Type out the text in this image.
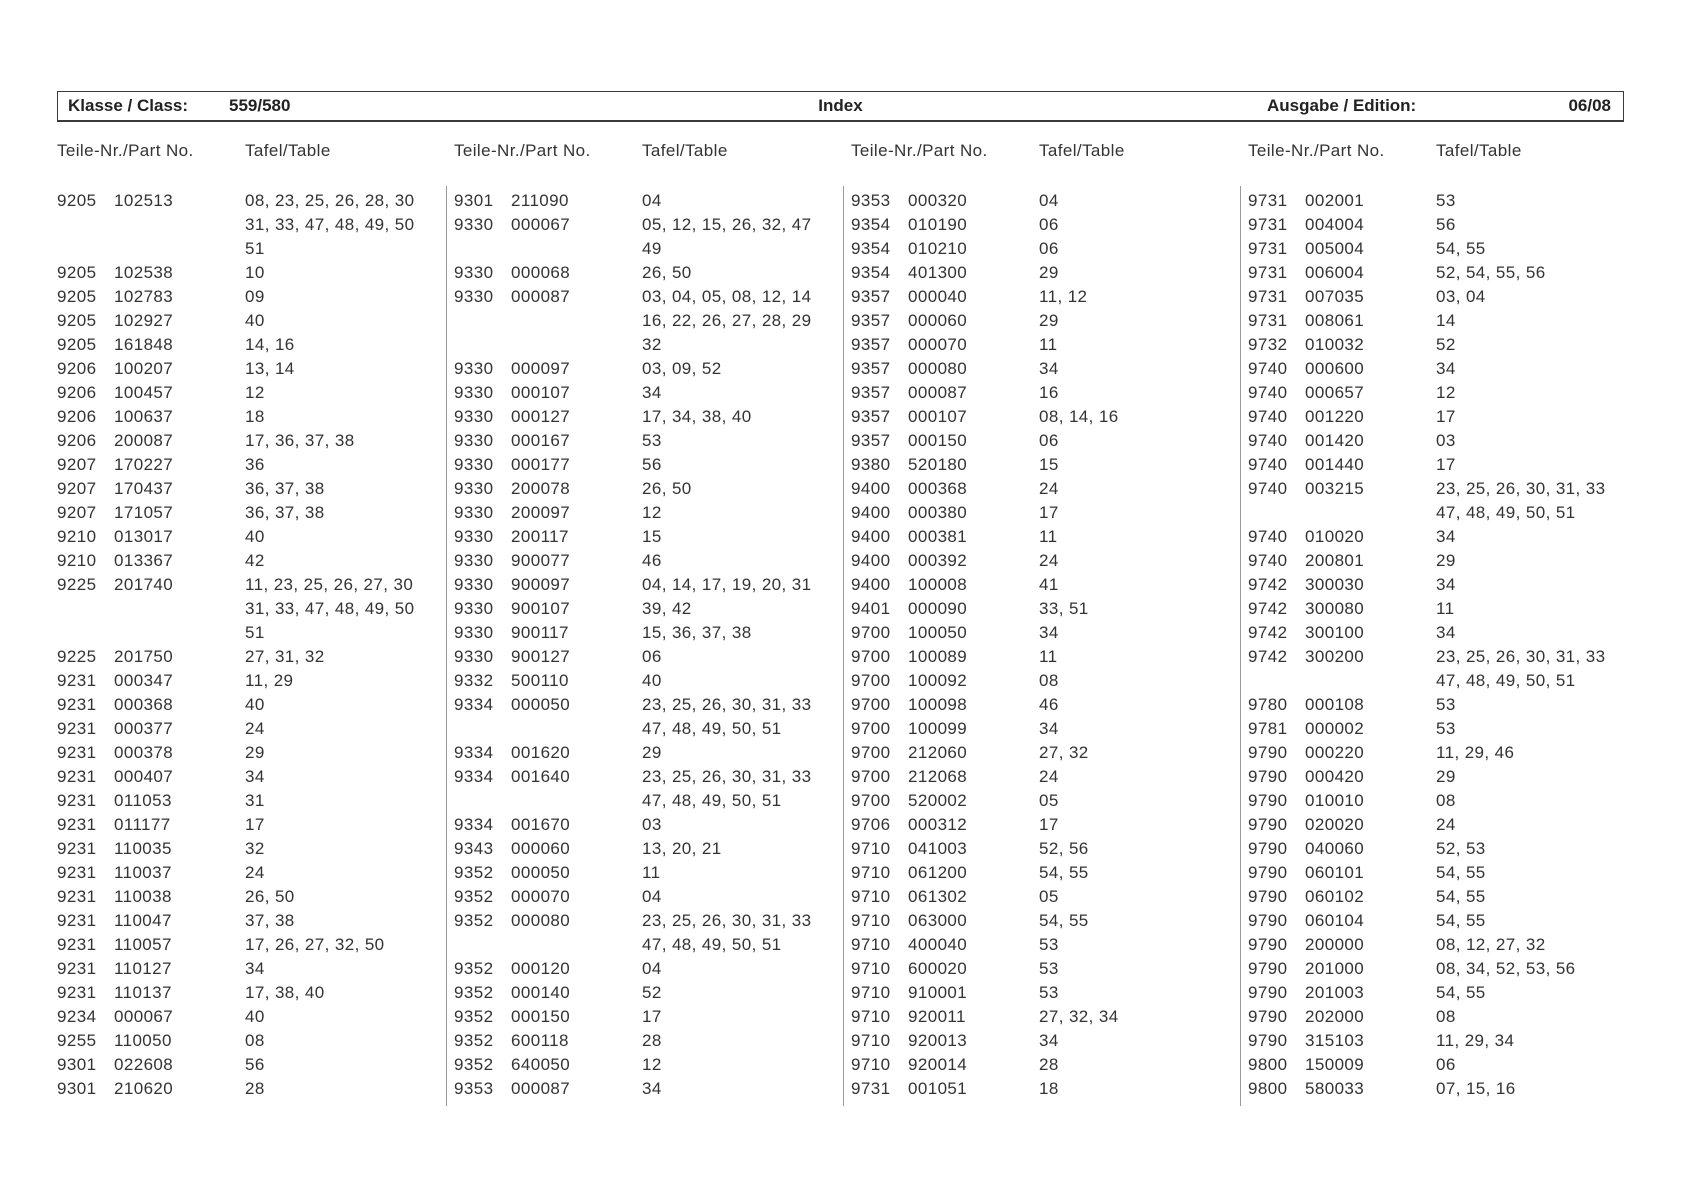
Klasse / Class: 559/580	Index	Ausgabe / Edition:	06/08
Teile-Nr./Part No.	Tafel/Table	Teile-Nr./Part No.	Tafel/Table	Teile-Nr./Part No.	Tafel/Table	Teile-Nr./Part No.	Tafel/Table
9205	102513	08, 23, 25, 26, 28, 30
31, 33, 47, 48, 49, 50
51
9205	102538	10
9205	102783	09
9205	102927	40
9205	161848	14, 16
9206	100207	13, 14
9206	100457	12
9206	100637	18
9206	200087	17, 36, 37, 38
9207	170227	36
9207	170437	36, 37, 38
9207	171057	36, 37, 38
9210	013017	40
9210	013367	42
9225	201740	11, 23, 25, 26, 27, 30
31, 33, 47, 48, 49, 50
51
9225	201750	27, 31, 32
9231	000347	11, 29
9231	000368	40
9231	000377	24
9231	000378	29
9231	000407	34
9231	011053	31
9231	011177	17
9231	110035	32
9231	110037	24
9231	110038	26, 50
9231	110047	37, 38
9231	110057	17, 26, 27, 32, 50
9231	110127	34
9231	110137	17, 38, 40
9234	000067	40
9255	110050	08
9301	022608	56
9301	210620	28
9301	211090	04
9330	000067	05, 12, 15, 26, 32, 47
49
9330	000068	26, 50
9330	000087	03, 04, 05, 08, 12, 14
16, 22, 26, 27, 28, 29
32
9330	000097	03, 09, 52
9330	000107	34
9330	000127	17, 34, 38, 40
9330	000167	53
9330	000177	56
9330	200078	26, 50
9330	200097	12
9330	200117	15
9330	900077	46
9330	900097	04, 14, 17, 19, 20, 31
9330	900107	39, 42
9330	900117	15, 36, 37, 38
9330	900127	06
9332	500110	40
9334	000050	23, 25, 26, 30, 31, 33
47, 48, 49, 50, 51
9334	001620	29
9334	001640	23, 25, 26, 30, 31, 33
47, 48, 49, 50, 51
9334	001670	03
9343	000060	13, 20, 21
9352	000050	11
9352	000070	04
9352	000080	23, 25, 26, 30, 31, 33
47, 48, 49, 50, 51
9352	000120	04
9352	000140	52
9352	000150	17
9352	600118	28
9352	640050	12
9353	000087	34
9353	000320	04
9354	010190	06
9354	010210	06
9354	401300	29
9357	000040	11, 12
9357	000060	29
9357	000070	11
9357	000080	34
9357	000087	16
9357	000107	08, 14, 16
9357	000150	06
9380	520180	15
9400	000368	24
9400	000380	17
9400	000381	11
9400	000392	24
9400	100008	41
9401	000090	33, 51
9700	100050	34
9700	100089	11
9700	100092	08
9700	100098	46
9700	100099	34
9700	212060	27, 32
9700	212068	24
9700	520002	05
9706	000312	17
9710	041003	52, 56
9710	061200	54, 55
9710	061302	05
9710	063000	54, 55
9710	400040	53
9710	600020	53
9710	910001	53
9710	920011	27, 32, 34
9710	920013	34
9710	920014	28
9731	001051	18
9731	002001	53
9731	004004	56
9731	005004	54, 55
9731	006004	52, 54, 55, 56
9731	007035	03, 04
9731	008061	14
9732	010032	52
9740	000600	34
9740	000657	12
9740	001220	17
9740	001420	03
9740	001440	17
9740	003215	23, 25, 26, 30, 31, 33
47, 48, 49, 50, 51
9740	010020	34
9740	200801	29
9742	300030	34
9742	300080	11
9742	300100	34
9742	300200	23, 25, 26, 30, 31, 33
47, 48, 49, 50, 51
9780	000108	53
9781	000002	53
9790	000220	11, 29, 46
9790	000420	29
9790	010010	08
9790	020020	24
9790	040060	52, 53
9790	060101	54, 55
9790	060102	54, 55
9790	060104	54, 55
9790	200000	08, 12, 27, 32
9790	201000	08, 34, 52, 53, 56
9790	201003	54, 55
9790	202000	08
9790	315103	11, 29, 34
9800	150009	06
9800	580033	07, 15, 16
